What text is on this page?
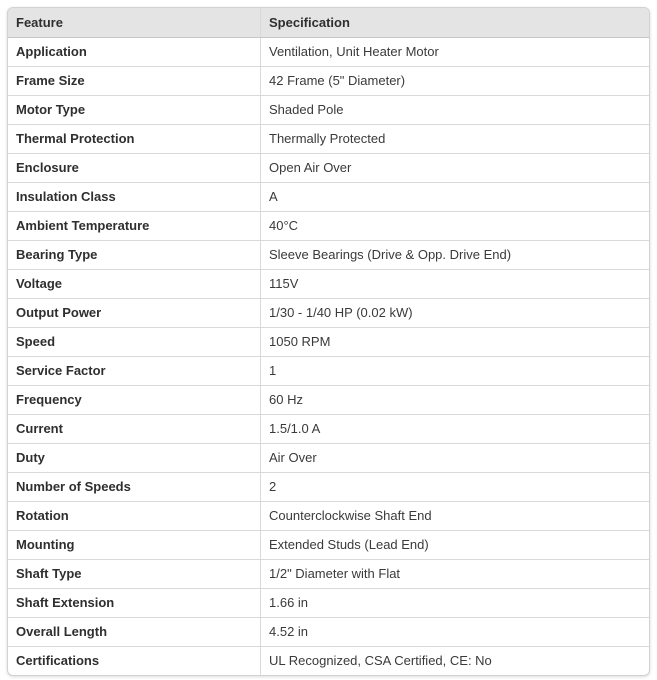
Feature	Specification
Application	Ventilation, Unit Heater Motor
Frame Size	42 Frame (5" Diameter)
Motor Type	Shaded Pole
Thermal Protection	Thermally Protected
Enclosure	Open Air Over
Insulation Class	A
Ambient Temperature	40°C
Bearing Type	Sleeve Bearings (Drive & Opp. Drive End)
Voltage	115V
Output Power	1/30 - 1/40 HP (0.02 kW)
Speed	1050 RPM
Service Factor	1
Frequency	60 Hz
Current	1.5/1.0 A
Duty	Air Over
Number of Speeds	2
Rotation	Counterclockwise Shaft End
Mounting	Extended Studs (Lead End)
Shaft Type	1/2" Diameter with Flat
Shaft Extension	1.66 in
Overall Length	4.52 in
Certifications	UL Recognized, CSA Certified, CE: No
